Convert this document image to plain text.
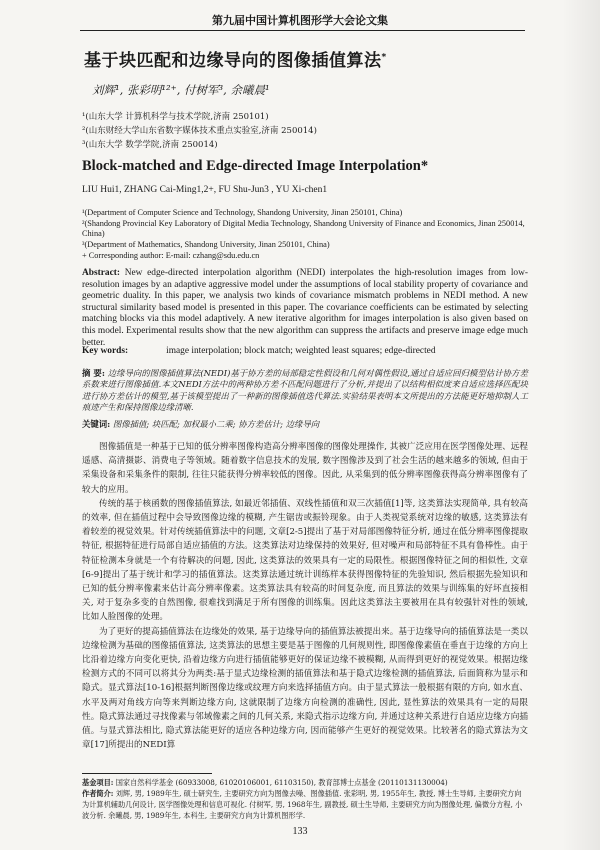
第九届中国计算机图形学大会论文集
基于块匹配和边缘导向的图像插值算法*
刘辉¹, 张彩明¹²⁺, 付树军³, 余曦晨¹
¹(山东大学 计算机科学与技术学院,济南 250101)
²(山东财经大学山东省数字媒体技术重点实验室,济南 250014)
³(山东大学 数学学院,济南 250014)
Block-matched and Edge-directed Image Interpolation*
LIU Hui1, ZHANG Cai-Ming1,2+, FU Shu-Jun3 , YU Xi-chen1
¹(Department of Computer Science and Technology, Shandong University, Jinan 250101, China)
²(Shandong Provincial Key Laboratory of Digital Media Technology, Shandong University of Finance and Economics, Jinan 250014, China)
³(Department of Mathematics, Shandong University, Jinan 250101, China)
+ Corresponding author: E-mail: czhang@sdu.edu.cn
Abstract: New edge-directed interpolation algorithm (NEDI) interpolates the high-resolution images from low-resolution images by an adaptive aggressive model under the assumptions of local stability property of covariance and geometric duality. In this paper, we analysis two kinds of covariance mismatch problems in NEDI method. A new structural similarity based model is presented in this paper. The covariance coefficients can be estimated by selecting matching blocks via this model adaptively. A new iterative algorithm for images interpolation is also given based on this model. Experimental results show that the new algorithm can suppress the artifacts and preserve image edge much better.
Key words:	image interpolation; block match; weighted least squares; edge-directed
摘 要: 边缘导向的图像插值算法(NEDI)基于协方差的局部稳定性假设和几何对偶性假设,通过自适应回归模型估计协方差系数来进行图像插值.本文NEDI方法中的两种协方差不匹配问题进行了分析,并提出了以结构相似度来自适应选择匹配块进行协方差估计的模型,基于该模型提出了一种新的图像插值迭代算法.实验结果表明本文所提出的方法能更好地抑制人工痕迹产生和保持图像边缘清晰.
关键词: 图像插值; 块匹配; 加权最小二乘; 协方差估计; 边缘导向

图像插值是一种基于已知的低分辨率图像构造高分辨率图像的图像处理操作, 其被广泛应用在医学图像处理、远程遥感、高清摄影、消费电子等领域。随着数字信息技术的发展, 数字图像涉及到了社会生活的越来越多的领域, 但由于采集设备和采集条件的限制, 往往只能获得分辨率较低的图像。因此, 从采集到的低分辨率图像获得高分辨率图像有了较大的应用。

传统的基于核函数的图像插值算法, 如最近邻插值、双线性插值和双三次插值[1]等, 这类算法实现简单, 具有较高的效率, 但在插值过程中会导致图像边缘的模糊, 产生锯齿或振铃现象。由于人类视觉系统对边缘的敏感, 这类算法有着较差的视觉效果。针对传统插值算法中的问题, 文章[2-5]提出了基于对局部图像特征分析, 通过在低分辨率图像提取特征, 根据特征进行局部自适应插值的方法。这类算法对边缘保持的效果好, 但对噪声和局部特征不具有鲁棒性。由于特征检测本身就是一个有待解决的问题, 因此, 这类算法的效果具有一定的局限性。根据图像特征之间的相似性, 文章[6-9]提出了基于统计和学习的插值算法。这类算法通过统计训练样本获得图像特征的先验知识, 然后根据先验知识和已知的低分辨率像素来估计高分辨率像素。这类算法具有较高的时间复杂度, 而且算法的效果与训练集的好坏直接相关, 对于复杂多变的自然图像, 很难找到满足于所有图像的训练集。因此这类算法主要被用在具有较强针对性的领域, 比如人脸图像的处理。

为了更好的提高插值算法在边缘处的效果, 基于边缘导向的插值算法被提出来。基于边缘导向的插值算法是一类以边缘检测为基础的图像插值算法, 这类算法的思想主要是基于图像的几何规则性, 即图像像素值在垂直于边缘的方向上比沿着边缘方向变化更快, 沿着边缘方向进行插值能够更好的保证边缘不被模糊, 从而得到更好的视觉效果。根据边缘检测方式的不同可以将其分为两类:基于显式边缘检测的插值算法和基于隐式边缘检测的插值算法, 后面简称为显示和隐式。显式算法[10-16]根据判断图像边缘或纹理方向来选择插值方向。由于显式算法一般根据有限的方向, 如水直、水平及两对角线方向等来判断边缘方向, 这就限制了边缘方向检测的准确性, 因此, 显性算法的效果具有一定的局限性。隐式算法通过寻找像素与邻域像素之间的几何关系, 来隐式指示边缘方向, 并通过这种关系进行自适应边缘方向插值。与显式算法相比, 隐式算法能更好的适应各种边缘方向, 因而能够产生更好的视觉效果。比较著名的隐式算法为文章[17]所提出的NEDI算

基金项目: 国家自然科学基金 (60933008, 61020106001, 61103150), 教育部博士点基金 (20110131130004)

作者简介: 刘辉, 男, 1989年生, 硕士研究生, 主要研究方向为图像去噪、图像插值. 张彩明, 男, 1955年生, 教授, 博士生导师, 主要研究方向为计算机辅助几何设计, 医学图像处理和信息可视化. 付树军, 男, 1968年生, 副教授, 硕士生导师, 主要研究方向为图像处理, 偏微分方程, 小波分析. 余曦晨, 男, 1989年生, 本科生, 主要研究方向为计算机图形学.

133
